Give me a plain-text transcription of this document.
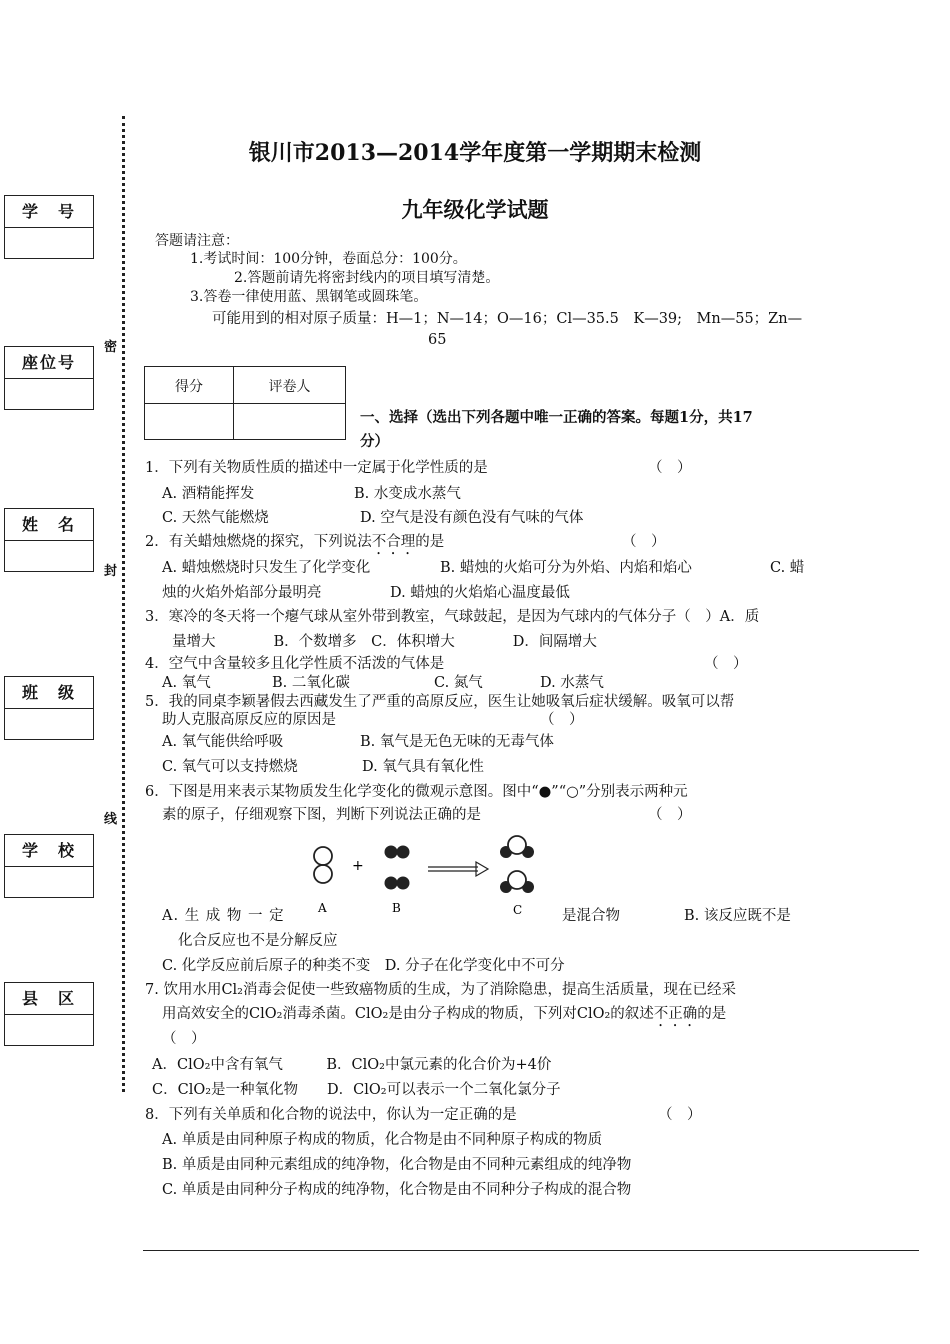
学　号
座位号
姓　名
班　级
学　校
县　区
密
封
线
银川市2013—2014学年度第一学期期末检测
九年级化学试题
答题请注意：
1.考试时间：100分钟，卷面总分：100分。
2.答题前请先将密封线内的项目填写清楚。
3.答卷一律使用蓝、黑钢笔或圆珠笔。
可能用到的相对原子质量：H—1；N—14；O—16；Cl—35.5　K—39;　Mn—55；Zn—
65
得分	评卷人
一、选择（选出下列各题中唯一正确的答案。每题1分，共17
分）
1．下列有关物质性质的描述中一定属于化学性质的是	（　）
A. 酒精能挥发	B. 水变成水蒸气
C. 天然气能燃烧	D. 空气是没有颜色没有气味的气体
2．有关蜡烛燃烧的探究，下列说法不合理的是	（　）
A. 蜡烛燃烧时只发生了化学变化	B. 蜡烛的火焰可分为外焰、内焰和焰心	C. 蜡
烛的火焰外焰部分最明亮	D. 蜡烛的火焰焰心温度最低
3．寒冷的冬天将一个瘪气球从室外带到教室，气球鼓起，是因为气球内的气体分子（　）A．质
量增大　　　　B．个数增多　C．体积增大　　　　D．间隔增大
4．空气中含量较多且化学性质不活泼的气体是	（　）
A. 氧气	B. 二氧化碳	C. 氮气	D. 水蒸气
5．我的同桌李颖暑假去西藏发生了严重的高原反应，医生让她吸氧后症状缓解。吸氧可以帮
助人克服高原反应的原因是	（　）
A. 氧气能供给呼吸	B. 氧气是无色无味的无毒气体
C. 氧气可以支持燃烧	D. 氧气具有氧化性
6．下图是用来表示某物质发生化学变化的微观示意图。图中“●”“○”分别表示两种元
素的原子，仔细观察下图，判断下列说法正确的是	（　）
+
A	B	C
A. 生 成 物 一 定	是混合物	B. 该反应既不是
化合反应也不是分解反应
C. 化学反应前后原子的种类不变　D. 分子在化学变化中不可分
7. 饮用水用Cl₂消毒会促使一些致癌物质的生成，为了消除隐患，提高生活质量，现在已经采
用高效安全的ClO₂消毒杀菌。ClO₂是由分子构成的物质，下列对ClO₂的叙述不正确的是
（　）
A．ClO₂中含有氧气　　　B．ClO₂中氯元素的化合价为+4价
C．ClO₂是一种氧化物　　D．ClO₂可以表示一个二氧化氯分子
8．下列有关单质和化合物的说法中，你认为一定正确的是	（　）
A. 单质是由同种原子构成的物质，化合物是由不同种原子构成的物质
B. 单质是由同种元素组成的纯净物，化合物是由不同种元素组成的纯净物
C. 单质是由同种分子构成的纯净物，化合物是由不同种分子构成的混合物
